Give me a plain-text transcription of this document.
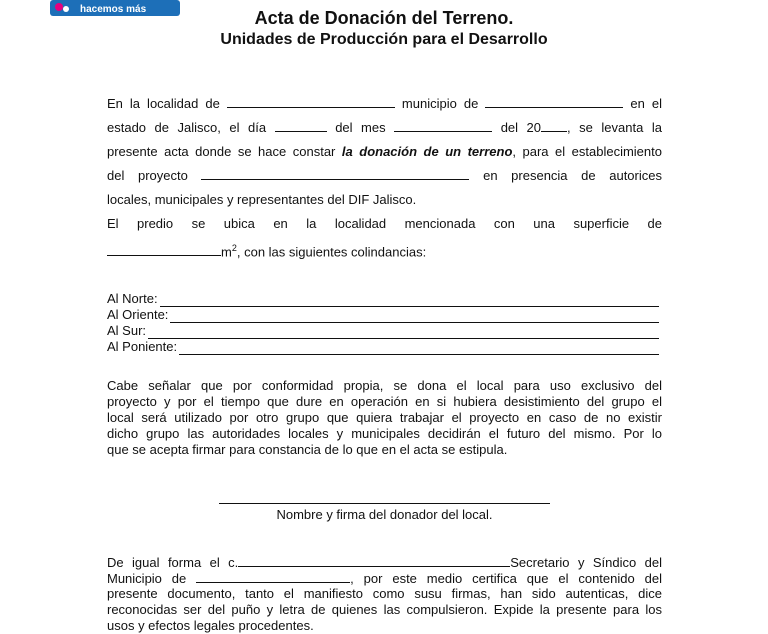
hacemos más	Acta de Donación del Terreno.
Unidades de Producción para el Desarrollo
En la localidad de	municipio de	en el
estado de Jalisco, el día	del mes	del 20 , se levanta la
presente acta donde se hace constar la donación de un terreno, para el establecimiento
del proyecto	en presencia de autorices
locales, municipales y representantes del DIF Jalisco.
El predio se ubica en la localidad mencionada con una superficie de
$m^2$, con las siguientes colindancias:
Al Norte:
Al Oriente:
Al Sur:
Al Poniente:
Cabe señalar que por conformidad propia, se dona el local para uso exclusivo del
proyecto y por el tiempo que dure en operación en si hubiera desistimiento del grupo el
local será utilizado por otro grupo que quiera trabajar el proyecto en caso de no existir
dicho grupo las autoridades locales y municipales decidirán el futuro del mismo. Por lo
que se acepta firmar para constancia de lo que en el acta se estipula.
Nombre y firma del donador del local.
De igual forma el c.	Secretario y Síndico del
Municipio de	, por este medio certifica que el contenido del
presente documento, tanto el manifiesto como susu firmas, han sido autenticas, dice
reconocidas ser del puño y letra de quienes las compulsieron. Expide la presente para los
usos y efectos legales procedentes.
